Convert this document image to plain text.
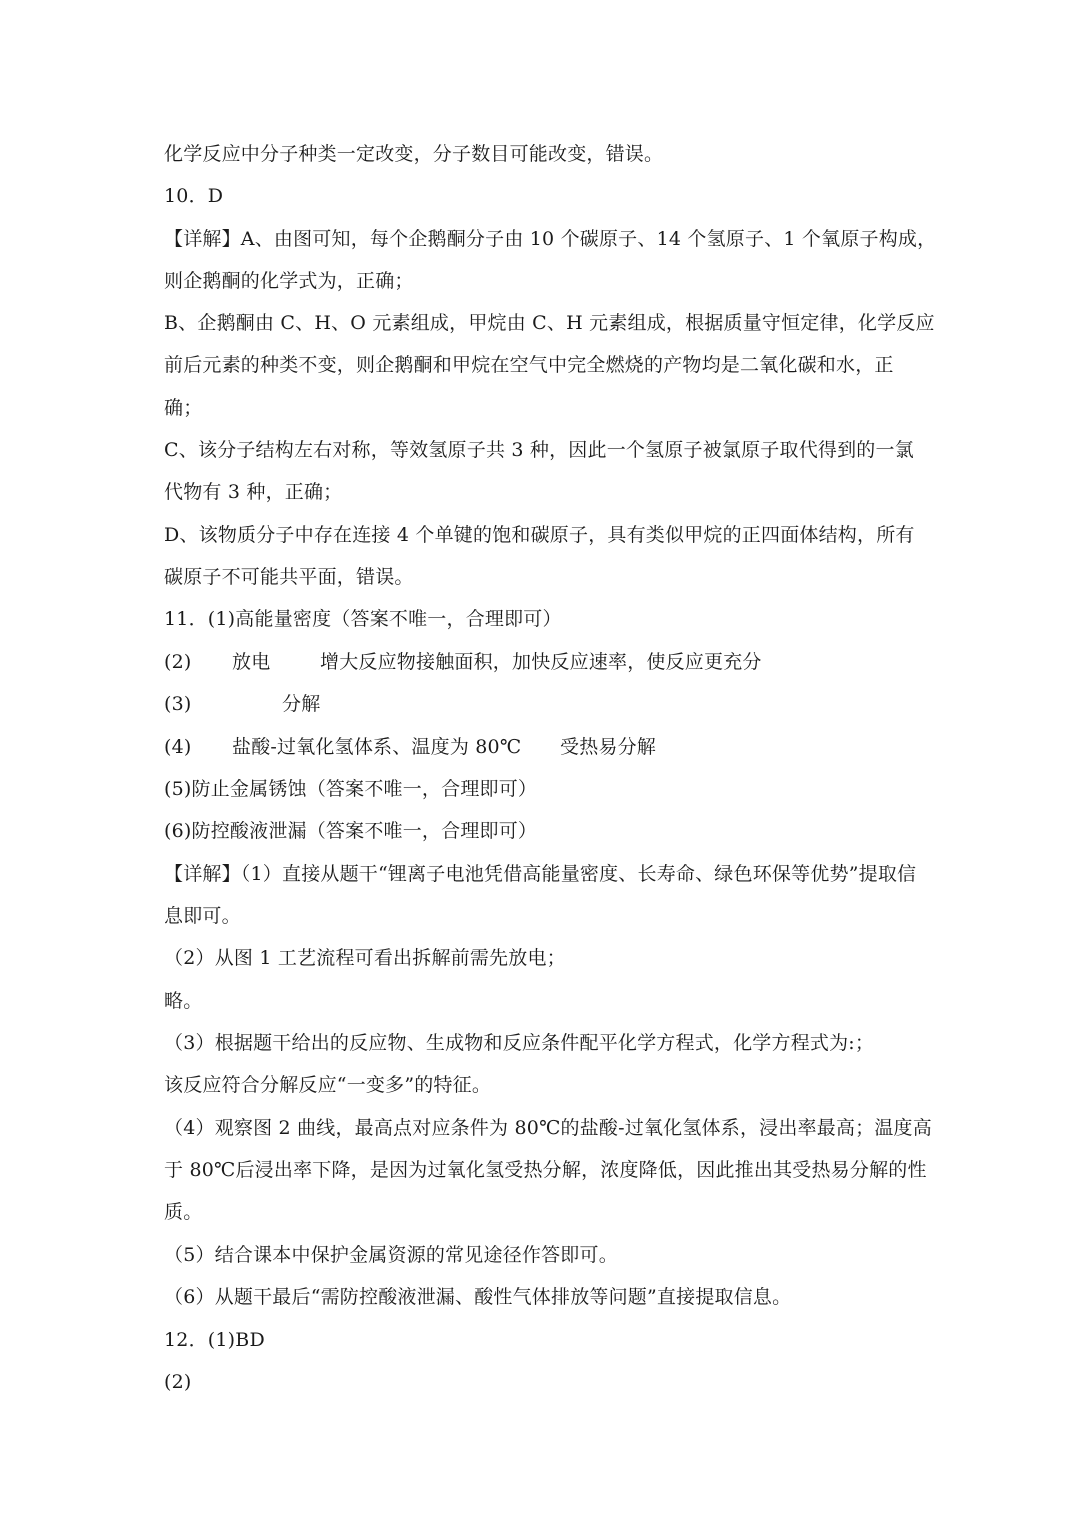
化学反应中分子种类一定改变，分子数目可能改变，错误。
10．D
【详解】A、由图可知，每个企鹅酮分子由 10 个碳原子、14 个氢原子、1 个氧原子构成，
则企鹅酮的化学式为，正确；
B、企鹅酮由 C、H、O 元素组成，甲烷由 C、H 元素组成，根据质量守恒定律，化学反应
前后元素的种类不变，则企鹅酮和甲烷在空气中完全燃烧的产物均是二氧化碳和水，正
确；
C、该分子结构左右对称，等效氢原子共 3 种，因此一个氢原子被氯原子取代得到的一氯
代物有 3 种，正确；
D、该物质分子中存在连接 4 个单键的饱和碳原子，具有类似甲烷的正四面体结构，所有
碳原子不可能共平面，错误。
11．(1)高能量密度（答案不唯一，合理即可）
(2) 放电	增大反应物接触面积，加快反应速率，使反应更充分
(3)	分解
(4) 盐酸-过氧化氢体系、温度为 80℃ 受热易分解
(5)防止金属锈蚀（答案不唯一，合理即可）
(6)防控酸液泄漏（答案不唯一，合理即可）
【详解】（1）直接从题干“锂离子电池凭借高能量密度、长寿命、绿色环保等优势”提取信
息即可。
（2）从图 1 工艺流程可看出拆解前需先放电；
略。
（3）根据题干给出的反应物、生成物和反应条件配平化学方程式，化学方程式为:；
该反应符合分解反应“一变多”的特征。
（4）观察图 2 曲线，最高点对应条件为 80℃的盐酸-过氧化氢体系，浸出率最高；温度高
于 80℃后浸出率下降，是因为过氧化氢受热分解，浓度降低，因此推出其受热易分解的性
质。
（5）结合课本中保护金属资源的常见途径作答即可。
（6）从题干最后“需防控酸液泄漏、酸性气体排放等问题”直接提取信息。
12．(1)BD
(2)
